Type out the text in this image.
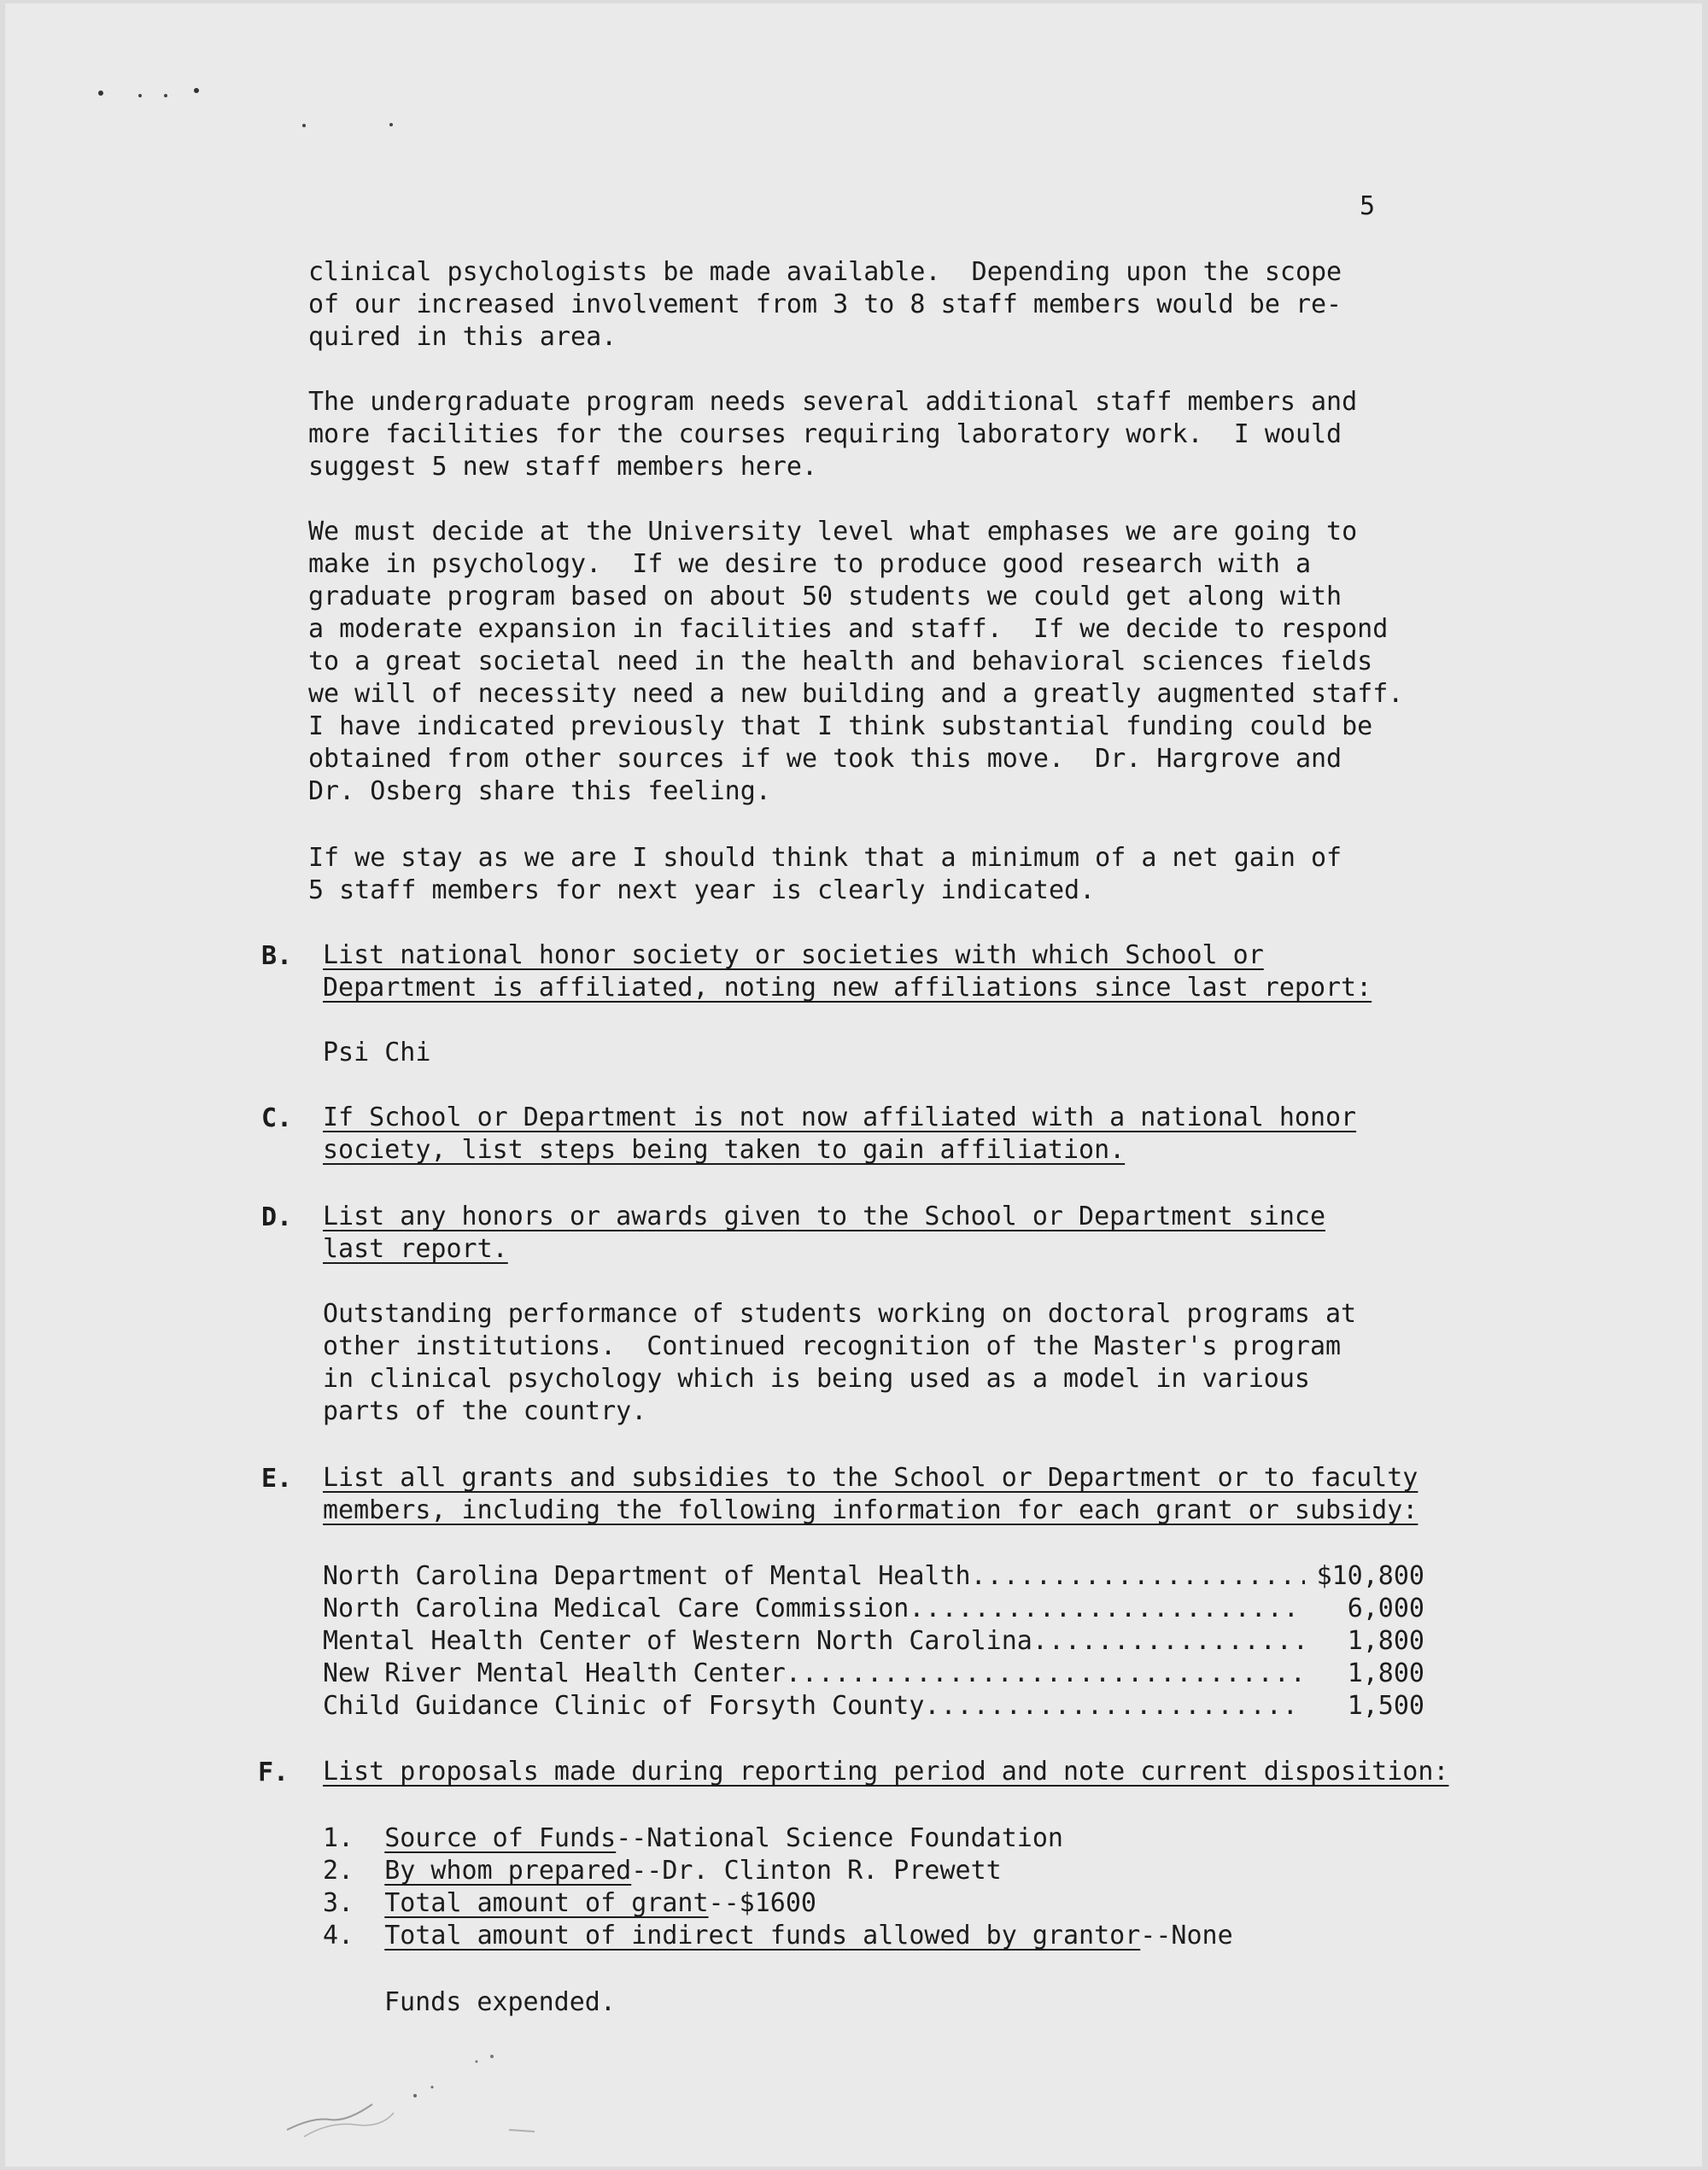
5

clinical psychologists be made available.  Depending upon the scope
of our increased involvement from 3 to 8 staff members would be re-
quired in this area.

The undergraduate program needs several additional staff members and
more facilities for the courses requiring laboratory work.  I would
suggest 5 new staff members here.

We must decide at the University level what emphases we are going to
make in psychology.  If we desire to produce good research with a
graduate program based on about 50 students we could get along with
a moderate expansion in facilities and staff.  If we decide to respond
to a great societal need in the health and behavioral sciences fields
we will of necessity need a new building and a greatly augmented staff.
I have indicated previously that I think substantial funding could be
obtained from other sources if we took this move.  Dr. Hargrove and
Dr. Osberg share this feeling.

If we stay as we are I should think that a minimum of a net gain of
5 staff members for next year is clearly indicated.

B. List national honor society or societies with which School or
Department is affiliated, noting new affiliations since last report:

Psi Chi

C. If School or Department is not now affiliated with a national honor
society, list steps being taken to gain affiliation.

D. List any honors or awards given to the School or Department since
last report.

Outstanding performance of students working on doctoral programs at
other institutions.  Continued recognition of the Master's program
in clinical psychology which is being used as a model in various
parts of the country.

E. List all grants and subsidies to the School or Department or to faculty
members, including the following information for each grant or subsidy:

North Carolina Department of Mental Health .....	$10,800
North Carolina Medical Care Commission .....	6,000
Mental Health Center of Western North Carolina .....	1,800
New River Mental Health Center .....	1,800
Child Guidance Clinic of Forsyth County .....	1,500
F. List proposals made during reporting period and note current disposition:

1. Source of Funds--National Science Foundation
2. By whom prepared--Dr. Clinton R. Prewett
3. Total amount of grant--$1600
4. Total amount of indirect funds allowed by grantor--None

Funds expended.
